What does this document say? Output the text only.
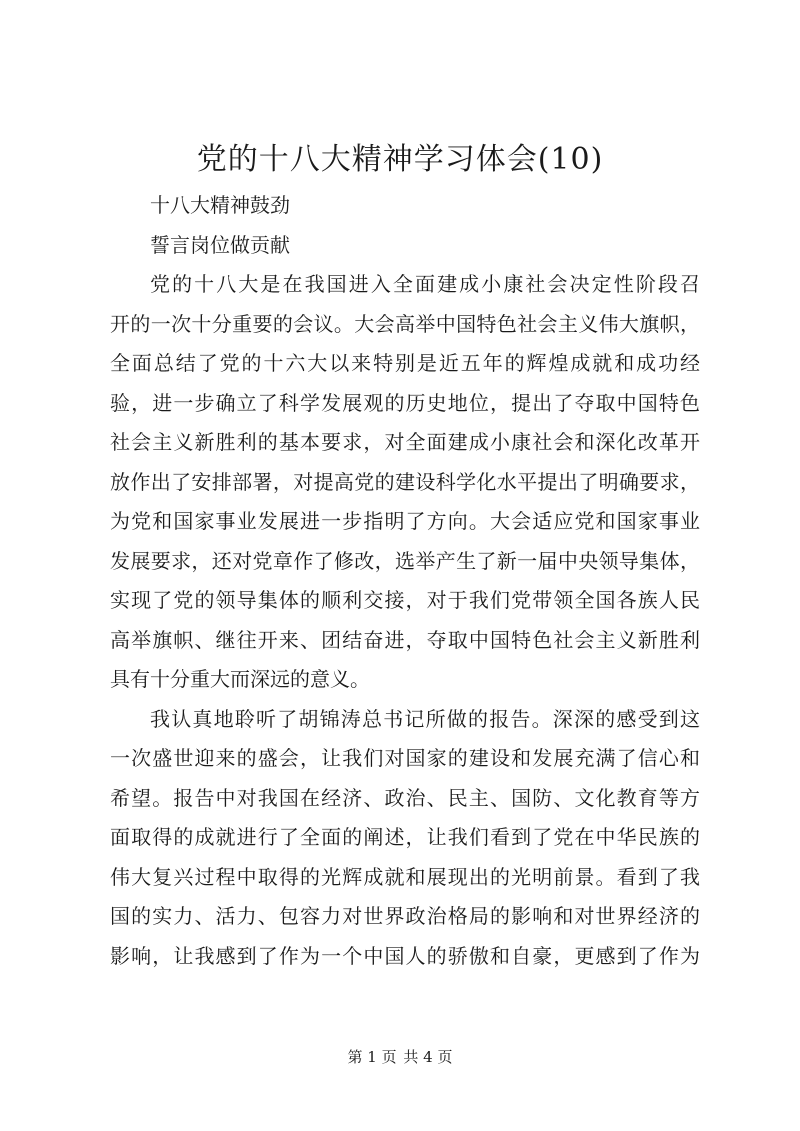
党的十八大精神学习体会(10)
十八大精神鼓劲
誓言岗位做贡献
党的十八大是在我国进入全面建成小康社会决定性阶段召
开的一次十分重要的会议。大会高举中国特色社会主义伟大旗帜，
全面总结了党的十六大以来特别是近五年的辉煌成就和成功经
验，进一步确立了科学发展观的历史地位，提出了夺取中国特色
社会主义新胜利的基本要求，对全面建成小康社会和深化改革开
放作出了安排部署，对提高党的建设科学化水平提出了明确要求，
为党和国家事业发展进一步指明了方向。大会适应党和国家事业
发展要求，还对党章作了修改，选举产生了新一届中央领导集体，
实现了党的领导集体的顺利交接，对于我们党带领全国各族人民
高举旗帜、继往开来、团结奋进，夺取中国特色社会主义新胜利
具有十分重大而深远的意义。
我认真地聆听了胡锦涛总书记所做的报告。深深的感受到这
一次盛世迎来的盛会，让我们对国家的建设和发展充满了信心和
希望。报告中对我国在经济、政治、民主、国防、文化教育等方
面取得的成就进行了全面的阐述，让我们看到了党在中华民族的
伟大复兴过程中取得的光辉成就和展现出的光明前景。看到了我
国的实力、活力、包容力对世界政治格局的影响和对世界经济的
影响，让我感到了作为一个中国人的骄傲和自豪，更感到了作为
第 1 页 共 4 页
